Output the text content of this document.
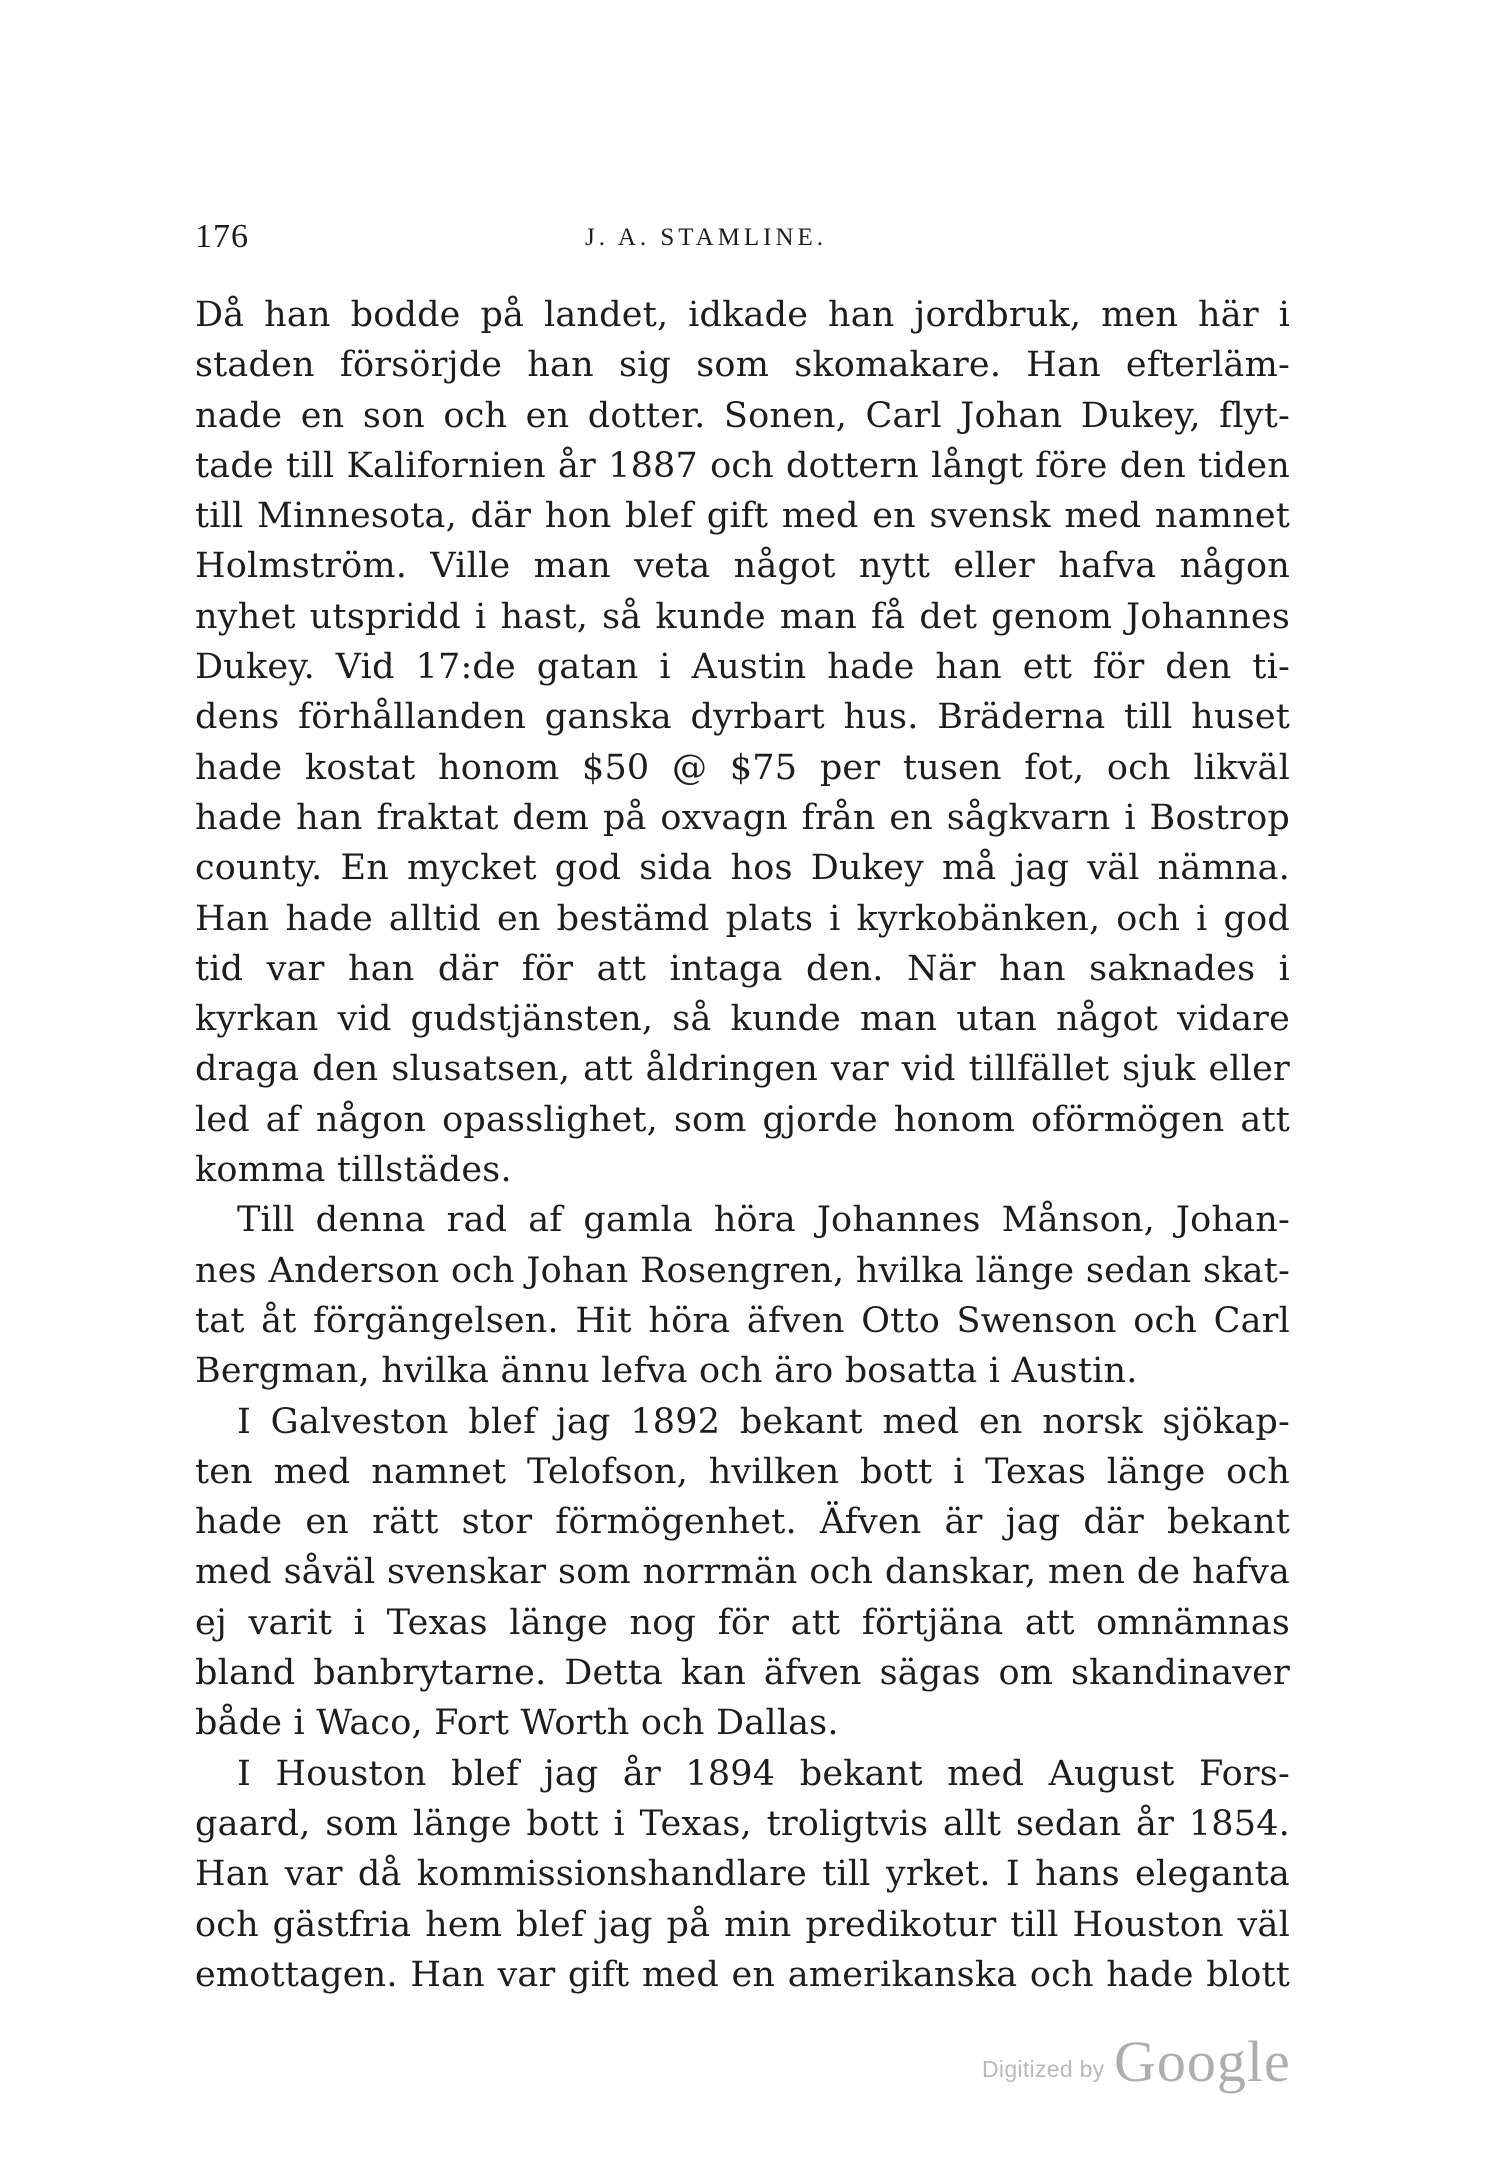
176	J. A. STAMLINE.
Då han bodde på landet, idkade han jordbruk, men här i
staden försörjde han sig som skomakare. Han efterläm-
nade en son och en dotter. Sonen, Carl Johan Dukey, flyt-
tade till Kalifornien år 1887 och dottern långt före den tiden
till Minnesota, där hon blef gift med en svensk med namnet
Holmström. Ville man veta något nytt eller hafva någon
nyhet utspridd i hast, så kunde man få det genom Johannes
Dukey. Vid 17:de gatan i Austin hade han ett för den ti-
dens förhållanden ganska dyrbart hus. Bräderna till huset
hade kostat honom $50 @ $75 per tusen fot, och likväl
hade han fraktat dem på oxvagn från en sågkvarn i Bostrop
county. En mycket god sida hos Dukey må jag väl nämna.
Han hade alltid en bestämd plats i kyrkobänken, och i god
tid var han där för att intaga den. När han saknades i
kyrkan vid gudstjänsten, så kunde man utan något vidare
draga den slusatsen, att åldringen var vid tillfället sjuk eller
led af någon opasslighet, som gjorde honom oförmögen att
komma tillstädes.
Till denna rad af gamla höra Johannes Månson, Johan-
nes Anderson och Johan Rosengren, hvilka länge sedan skat-
tat åt förgängelsen. Hit höra äfven Otto Swenson och Carl
Bergman, hvilka ännu lefva och äro bosatta i Austin.
I Galveston blef jag 1892 bekant med en norsk sjökap-
ten med namnet Telofson, hvilken bott i Texas länge och
hade en rätt stor förmögenhet. Äfven är jag där bekant
med såväl svenskar som norrmän och danskar, men de hafva
ej varit i Texas länge nog för att förtjäna att omnämnas
bland banbrytarne. Detta kan äfven sägas om skandinaver
både i Waco, Fort Worth och Dallas.
I Houston blef jag år 1894 bekant med August Fors-
gaard, som länge bott i Texas, troligtvis allt sedan år 1854.
Han var då kommissionshandlare till yrket. I hans eleganta
och gästfria hem blef jag på min predikotur till Houston väl
emottagen. Han var gift med en amerikanska och hade blott
Digitized by Google
